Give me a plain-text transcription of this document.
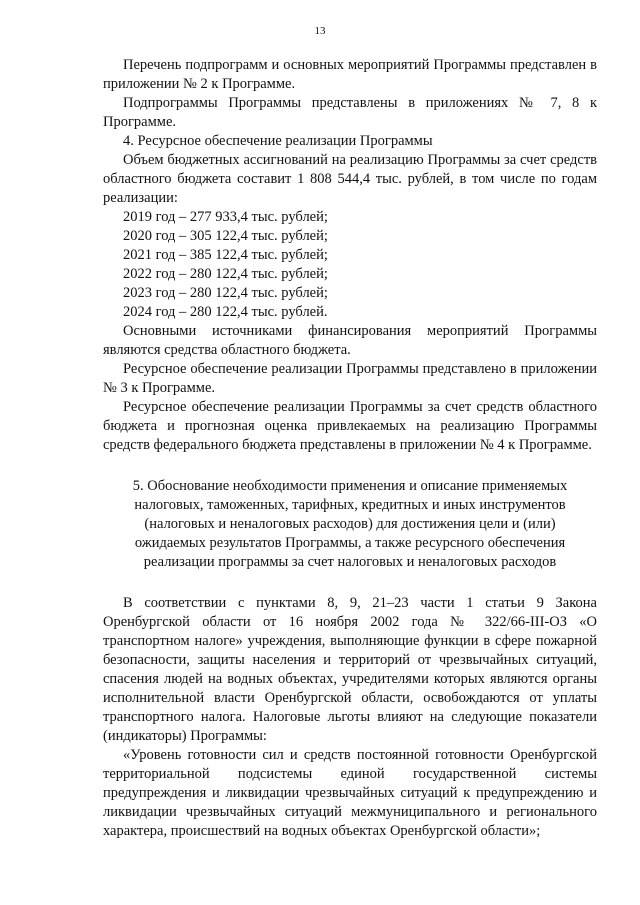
13

Перечень подпрограмм и основных мероприятий Программы представлен в приложении № 2 к Программе.

Подпрограммы Программы представлены в приложениях № 7, 8 к Программе.

4. Ресурсное обеспечение реализации Программы

Объем бюджетных ассигнований на реализацию Программы за счет средств областного бюджета составит 1 808 544,4 тыс. рублей, в том числе по годам реализации:

2019 год – 277 933,4 тыс. рублей;

2020 год – 305 122,4 тыс. рублей;

2021 год – 385 122,4 тыс. рублей;

2022 год – 280 122,4 тыс. рублей;

2023 год – 280 122,4 тыс. рублей;

2024 год – 280 122,4 тыс. рублей.

Основными источниками финансирования мероприятий Программы являются средства областного бюджета.

Ресурсное обеспечение реализации Программы представлено в приложении № 3 к Программе.

Ресурсное обеспечение реализации Программы за счет средств областного бюджета и прогнозная оценка привлекаемых на реализацию Программы средств федерального бюджета представлены в приложении № 4 к Программе.

5. Обоснование необходимости применения и описание применяемых
налоговых, таможенных, тарифных, кредитных и иных инструментов
(налоговых и неналоговых расходов) для достижения цели и (или)
ожидаемых результатов Программы, а также ресурсного обеспечения
реализации программы за счет налоговых и неналоговых расходов

В соответствии с пунктами 8, 9, 21–23 части 1 статьи 9 Закона Оренбургской области от 16 ноября 2002 года № 322/66-III-ОЗ «О транспортном налоге» учреждения, выполняющие функции в сфере пожарной безопасности, защиты населения и территорий от чрезвычайных ситуаций, спасения людей на водных объектах, учредителями которых являются органы исполнительной власти Оренбургской области, освобождаются от уплаты транспортного налога. Налоговые льготы влияют на следующие показатели (индикаторы) Программы:

«Уровень готовности сил и средств постоянной готовности Оренбургской территориальной подсистемы единой государственной системы предупреждения и ликвидации чрезвычайных ситуаций к предупреждению и ликвидации чрезвычайных ситуаций межмуниципального и регионального характера, происшествий на водных объектах Оренбургской области»;
